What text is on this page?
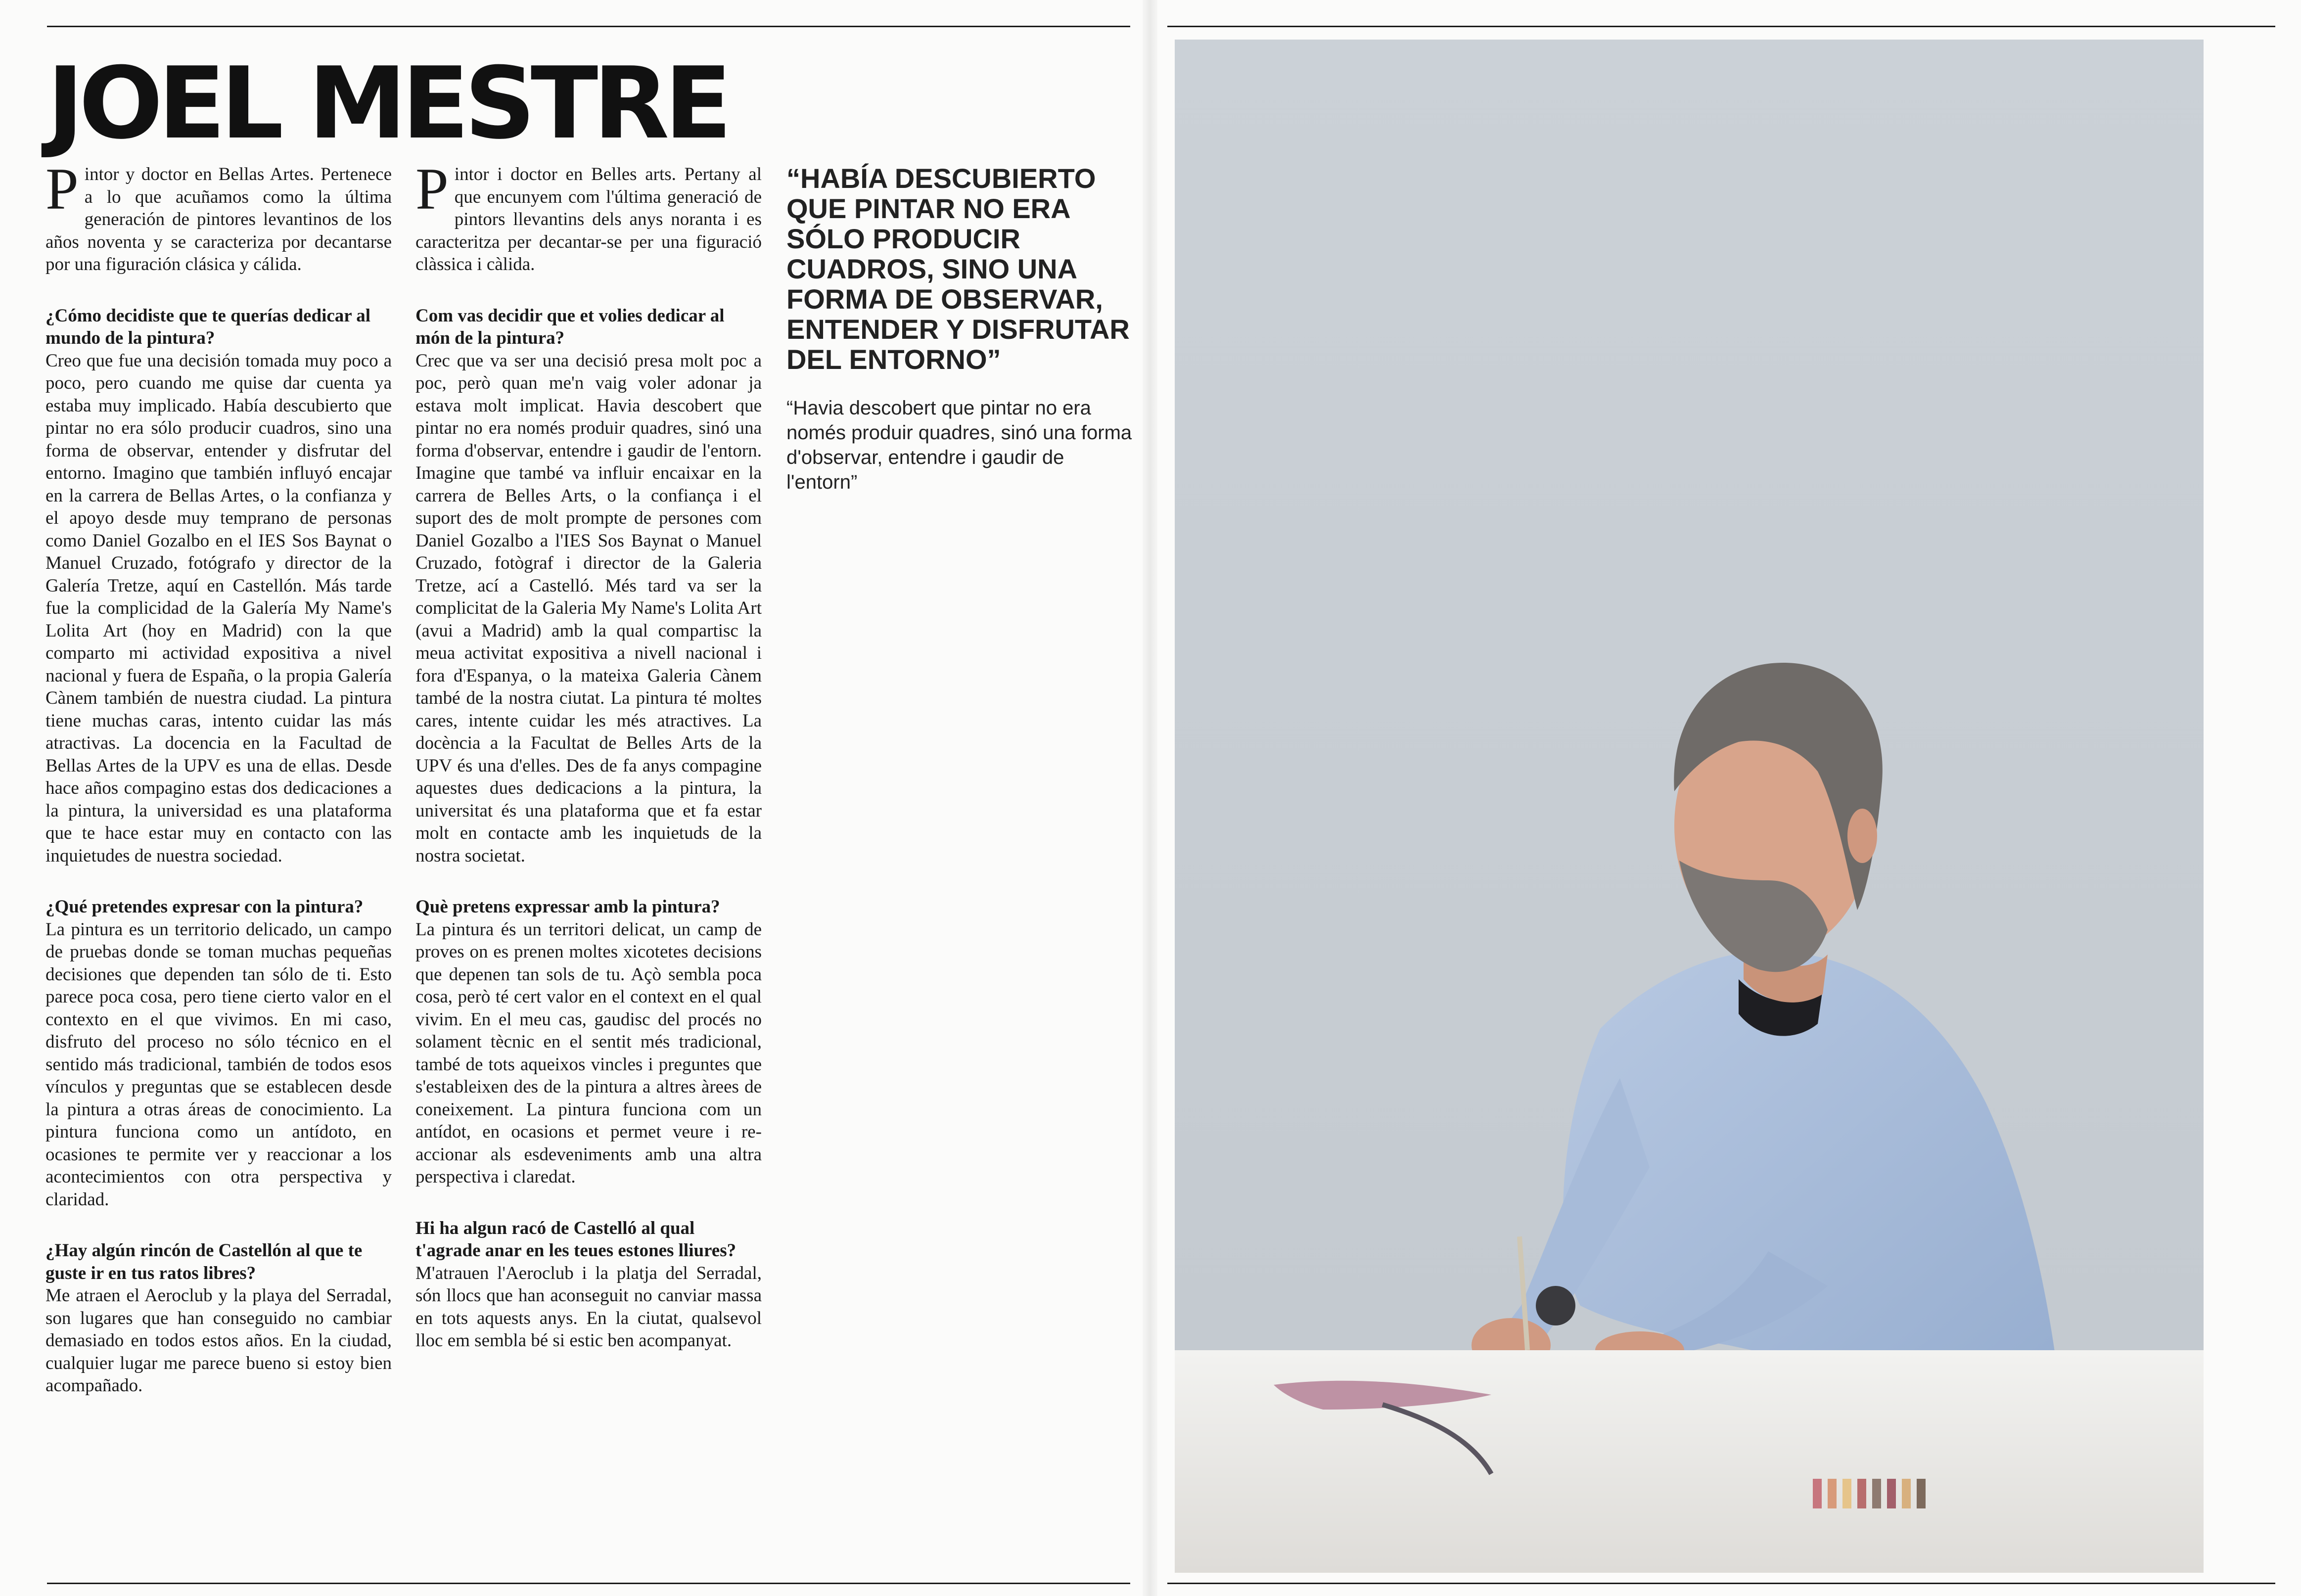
JOEL MESTRE

Pintor y doctor en Bellas Artes. Pertenece a lo que acuñamos como la última generación de pintores levantinos de los años noventa y se caracteriza por decantarse por una figuración clásica y cálida.

¿Cómo decidiste que te querías dedicar al mundo de la pintura?

Creo que fue una decisión tomada muy poco a poco, pero cuando me quise dar cuenta ya estaba muy implicado. Había descubierto que pintar no era sólo producir cuadros, sino una forma de observar, entender y disfrutar del entorno. Imagino que también influyó encajar en la carrera de Bellas Artes, o la confianza y el apoyo desde muy temprano de personas como Daniel Gozalbo en el IES Sos Baynat o Manuel Cruzado, fotógrafo y director de la Galería Tretze, aquí en Castellón. Más tarde fue la complicidad de la Galería My Name's Lolita Art (hoy en Madrid) con la que comparto mi actividad expositiva a nivel nacional y fuera de España, o la propia Galería Cànem también de nuestra ciudad. La pintura tiene muchas caras, intento cuidar las más atractivas. La docencia en la Facultad de Bellas Artes de la UPV es una de ellas. Desde hace años compagino estas dos dedicaciones a la pintura, la universidad es una plataforma que te hace estar muy en contacto con las inquietudes de nuestra sociedad.

¿Qué pretendes expresar con la pintura?

La pintura es un territorio delicado, un campo de pruebas donde se toman muchas pequeñas decisiones que dependen tan sólo de ti. Esto parece poca cosa, pero tiene cierto valor en el contexto en el que vivimos. En mi caso, disfruto del proceso no sólo técnico en el sentido más tradicional, también de todos esos vínculos y preguntas que se establecen desde la pintura a otras áreas de conocimiento. La pintura funciona como un antídoto, en ocasiones te permite ver y reaccionar a los acontecimientos con otra perspectiva y claridad.

¿Hay algún rincón de Castellón al que te guste ir en tus ratos libres?

Me atraen el Aeroclub y la playa del Serradal, son lugares que han conseguido no cambiar demasiado en todos estos años. En la ciudad, cualquier lugar me parece bueno si estoy bien acompañado.

Pintor i doctor en Belles arts. Pertany al que encunyem com l'última generació de pintors llevantins dels anys noranta i es caracteritza per decantar-se per una figuració clàssica i càlida.

Com vas decidir que et volies dedicar al món de la pintura?

Crec que va ser una decisió presa molt poc a poc, però quan me'n vaig voler adonar ja estava molt implicat. Havia descobert que pintar no era només produir quadres, sinó una forma d'observar, entendre i gaudir de l'entorn. Imagine que també va influir encaixar en la carrera de Belles Arts, o la confiança i el suport des de molt prompte de persones com Daniel Gozalbo a l'IES Sos Baynat o Manuel Cruzado, fotògraf i director de la Galeria Tretze, ací a Castelló. Més tard va ser la complicitat de la Galeria My Name's Lolita Art (avui a Madrid) amb la qual compartisc la meua activitat expositiva a nivell nacional i fora d'Espanya, o la mateixa Galeria Cànem també de la nostra ciutat. La pintura té moltes cares, intente cuidar les més atractives. La docència a la Facultat de Belles Arts de la UPV és una d'elles. Des de fa anys compagine aquestes dues dedicacions a la pintura, la universitat és una plataforma que et fa estar molt en contacte amb les inquietuds de la nostra societat.

Què pretens expressar amb la pintura?

La pintura és un territori delicat, un camp de proves on es prenen moltes xicotetes decisions que depenen tan sols de tu. Açò sembla poca cosa, però té cert valor en el context en el qual vivim. En el meu cas, gaudisc del procés no solament tècnic en el sentit més tradicional, també de tots aqueixos vincles i preguntes que s'estableixen des de la pintura a altres àrees de coneixement. La pintura funciona com un antídot, en ocasions et permet veure i reaccionar als esdeveniments amb una altra perspectiva i claredat.

Hi ha algun racó de Castelló al qual t'agrade anar en les teues estones lliures?

M'atrauen l'Aeroclub i la platja del Serradal, són llocs que han aconseguit no canviar massa en tots aquests anys. En la ciutat, qualsevol lloc em sembla bé si estic ben acompanyat.

“HABÍA DESCUBIERTO QUE PINTAR NO ERA SÓLO PRODUCIR CUADROS, SINO UNA FORMA DE OBSERVAR, ENTENDER Y DISFRUTAR DEL ENTORNO”

“Havia descobert que pintar no era només produir quadres, sinó una forma d'observar, entendre i gaudir de l'entorn”
